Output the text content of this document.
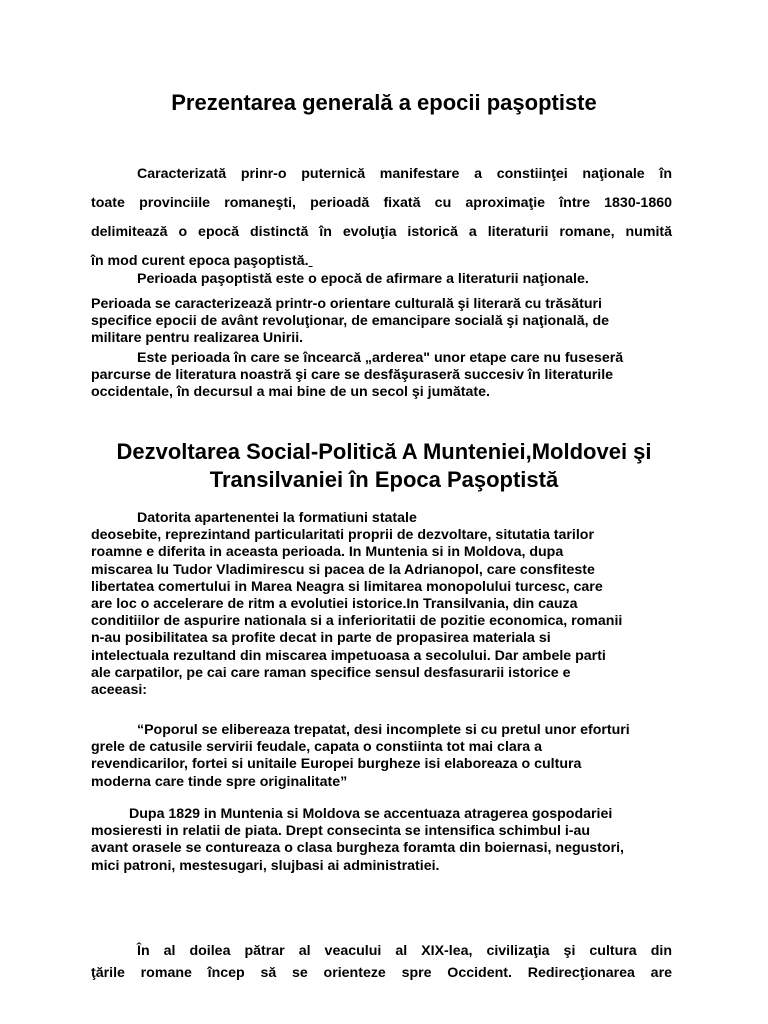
Prezentarea generală a epocii paşoptiste
Caracterizată prinr-o puternică manifestare a constiinţei naţionale în
toate provinciile romaneşti, perioadă fixată cu aproximaţie între 1830-1860
delimitează o epocă distinctă în evoluţia istorică a literaturii romane, numită
în mod curent epoca paşoptistă.
Perioada paşoptistă este o epocă de afirmare a literaturii naţionale.
Perioada se caracterizează printr-o orientare culturală şi literară cu trăsături
specifice epocii de avânt revoluţionar, de emancipare socială şi naţională, de
militare pentru realizarea Unirii.
Este perioada în care se încearcă „arderea" unor etape care nu fuseseră
parcurse de literatura noastră şi care se desfăşuraseră succesiv în literaturile
occidentale, în decursul a mai bine de un secol şi jumătate.
Dezvoltarea Social-Politică A Munteniei,Moldovei şi
Transilvaniei în Epoca Paşoptistă
Datorita apartenentei la formatiuni statale
deosebite, reprezintand particularitati proprii de dezvoltare, situtatia tarilor
roamne e diferita in aceasta perioada. In Muntenia si in Moldova, dupa
miscarea lu Tudor Vladimirescu si pacea de la Adrianopol, care consfiteste
libertatea comertului in Marea Neagra si limitarea monopolului turcesc, care
are loc o accelerare de ritm a evolutiei istorice.In Transilvania, din cauza
conditiilor de aspurire nationala si a inferioritatii de pozitie economica, romanii
n-au posibilitatea sa profite decat in parte de propasirea materiala si
intelectuala rezultand din miscarea impetuoasa a secolului. Dar ambele parti
ale carpatilor, pe cai care raman specifice sensul desfasurarii istorice e
aceeasi:
“Poporul se elibereaza trepatat, desi incomplete si cu pretul unor eforturi
grele de catusile servirii feudale, capata o constiinta tot mai clara a
revendicarilor, fortei si unitaile Europei burgheze isi elaboreaza o cultura
moderna care tinde spre originalitate”
Dupa 1829 in Muntenia si Moldova se accentuaza atragerea gospodariei
mosieresti in relatii de piata. Drept consecinta se intensifica schimbul i-au
avant orasele se contureaza o clasa burgheza foramta din boiernasi, negustori,
mici patroni, mestesugari, slujbasi ai administratiei.
În al doilea pătrar al veacului al XIX-lea, civilizaţia şi cultura din
ţările romane încep să se orienteze spre Occident. Redirecţionarea are
